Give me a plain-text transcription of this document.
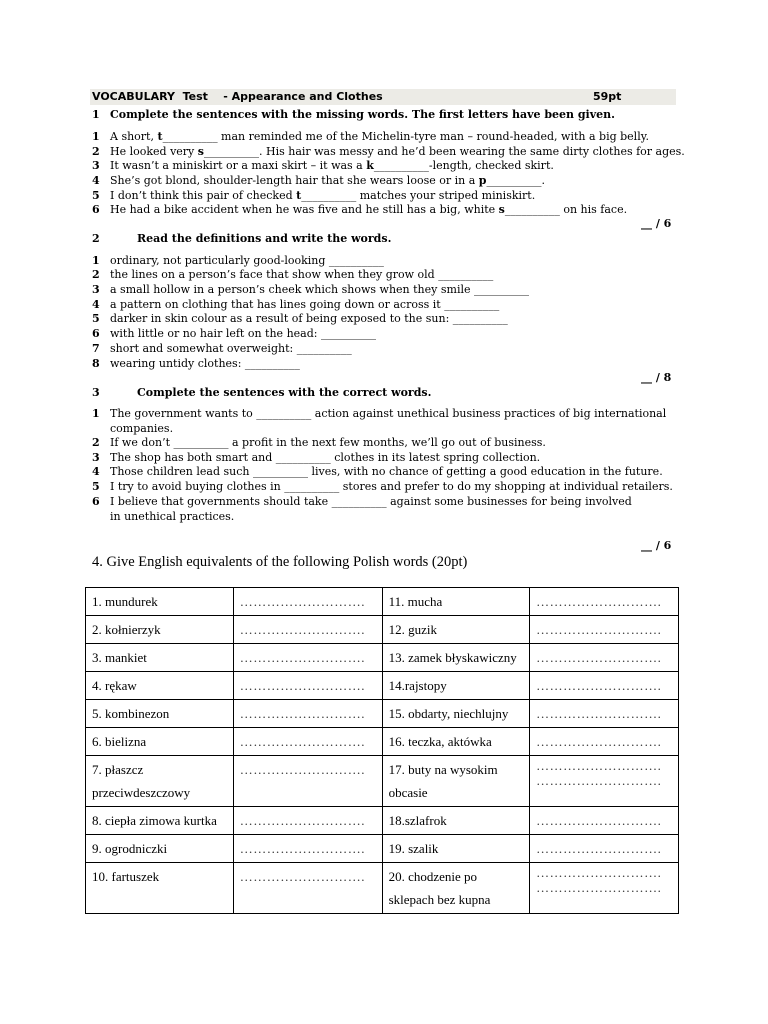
VOCABULARY  Test    - Appearance and Clothes	59pt
1 Complete the sentences with the missing words. The first letters have been given.
1 A short, t__________ man reminded me of the Michelin-tyre man – round-headed, with a big belly.
2 He looked very s__________. His hair was messy and he’d been wearing the same dirty clothes for ages.
3 It wasn’t a miniskirt or a maxi skirt – it was a k__________-length, checked skirt.
4 She’s got blond, shoulder-length hair that she wears loose or in a p__________.
5 I don’t think this pair of checked t__________ matches your striped miniskirt.
6 He had a bike accident when he was five and he still has a big, white s__________ on his face.
__ / 6
2	Read the definitions and write the words.
1 ordinary, not particularly good-looking __________
2 the lines on a person’s face that show when they grow old __________
3 a small hollow in a person’s cheek which shows when they smile __________
4 a pattern on clothing that has lines going down or across it __________
5 darker in skin colour as a result of being exposed to the sun: __________
6 with little or no hair left on the head: __________
7 short and somewhat overweight: __________
8 wearing untidy clothes: __________
__ / 8
3	Complete the sentences with the correct words.
1 The government wants to __________ action against unethical business practices of big international
companies.
2 If we don’t __________ a profit in the next few months, we’ll go out of business.
3 The shop has both smart and __________ clothes in its latest spring collection.
4 Those children lead such __________ lives, with no chance of getting a good education in the future.
5 I try to avoid buying clothes in __________ stores and prefer to do my shopping at individual retailers.
6 I believe that governments should take __________ against some businesses for being involved
in unethical practices.
__ / 6
4. Give English equivalents of the following Polish words (20pt)
1. mundurek	……………………….	11. mucha	……………………….
2. kołnierzyk	……………………….	12. guzik	……………………….
3. mankiet	……………………….	13. zamek błyskawiczny	……………………….
4. rękaw	……………………….	14.rajstopy	……………………….
5. kombinezon	……………………….	15. obdarty, niechlujny	……………………….
6. bielizna	……………………….	16. teczka, aktówka	……………………….
7. płaszcz przeciwdeszczowy	……………………….	17. buty na wysokim obcasie	……………………….
……………………….

8. ciepła zimowa kurtka	……………………….	18.szlafrok	……………………….
9. ogrodniczki	……………………….	19. szalik	……………………….
10. fartuszek	……………………….	20. chodzenie po sklepach bez kupna	……………………….
……………………….
